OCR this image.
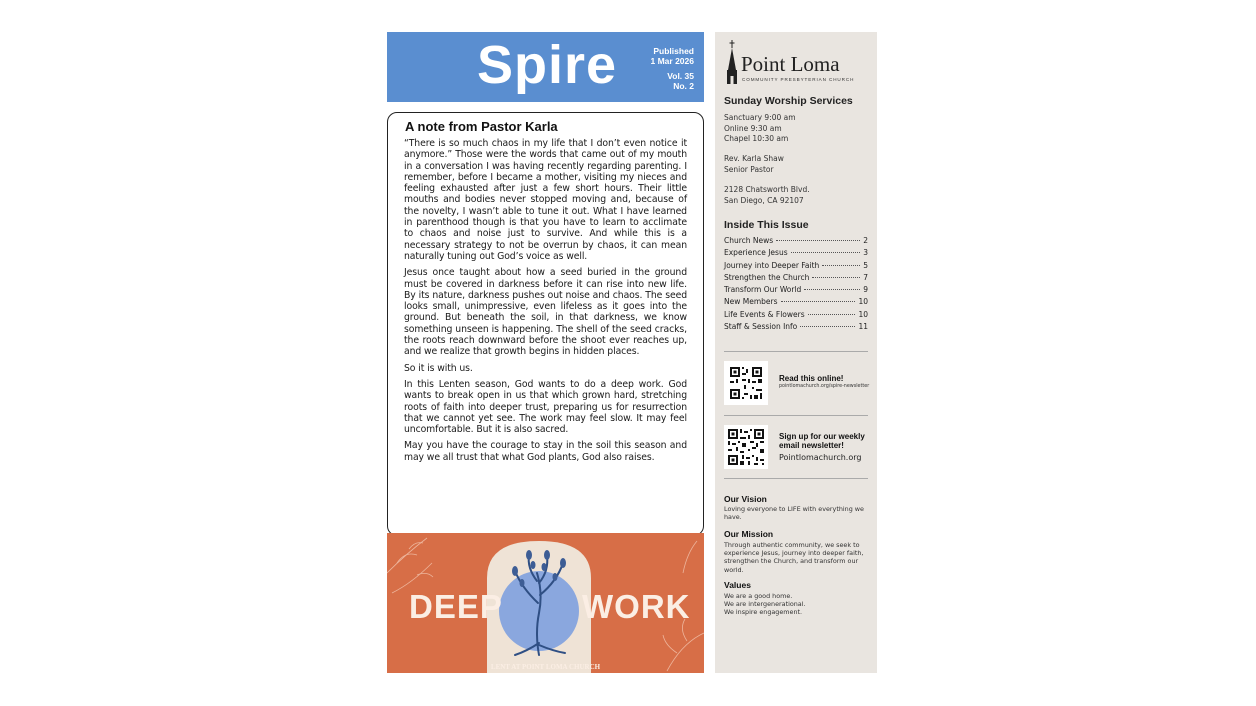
Spire	Published
1 Mar 2026
Vol. 35
No. 2
A note from Pastor Karla

“There is so much chaos in my life that I don’t even notice it anymore.” Those were the words that came out of my mouth in a conversation I was having recently regarding parenting. I remember, before I became a mother, visiting my nieces and feeling exhausted after just a few short hours. Their little mouths and bodies never stopped moving and, because of the novelty, I wasn’t able to tune it out. What I have learned in parenthood though is that you have to learn to acclimate to chaos and noise just to survive. And while this is a necessary strategy to not be overrun by chaos, it can mean naturally tuning out God’s voice as well.

Jesus once taught about how a seed buried in the ground must be covered in darkness before it can rise into new life. By its nature, darkness pushes out noise and chaos. The seed looks small, unimpressive, even lifeless as it goes into the ground. But beneath the soil, in that darkness, we know something unseen is happening. The shell of the seed cracks, the roots reach downward before the shoot ever reaches up, and we realize that growth begins in hidden places.

So it is with us.

In this Lenten season, God wants to do a deep work. God wants to break open in us that which grown hard, stretching roots of faith into deeper trust, preparing us for resurrection that we cannot yet see. The work may feel slow. It may feel uncomfortable. But it is also sacred.

May you have the courage to stay in the soil this season and may we all trust that what God plants, God also raises.

DEEP WORK
LENT AT POINT LOMA CHURCH
Point Loma
COMMUNITY PRESBYTERIAN CHURCH
Sunday Worship Services
Sanctuary 9:00 am
Online 9:30 am
Chapel 10:30 am
Rev. Karla Shaw
Senior Pastor
2128 Chatsworth Blvd.
San Diego, CA 92107
Inside This Issue
Church News	2
Experience Jesus	3
Journey into Deeper Faith	5
Strengthen the Church	7
Transform Our World	9
New Members	10
Life Events & Flowers	10
Staff & Session Info	11
Read this online!
pointlomachurch.org/spire-newsletter
Sign up for our weekly
email newsletter!
Pointlomachurch.org
Our Vision
Loving everyone to LIFE with everything we have.
Our Mission
Through authentic community, we seek to experience Jesus, journey into deeper faith, strengthen the Church, and transform our world.
Values
We are a good home.
We are intergenerational.
We inspire engagement.
